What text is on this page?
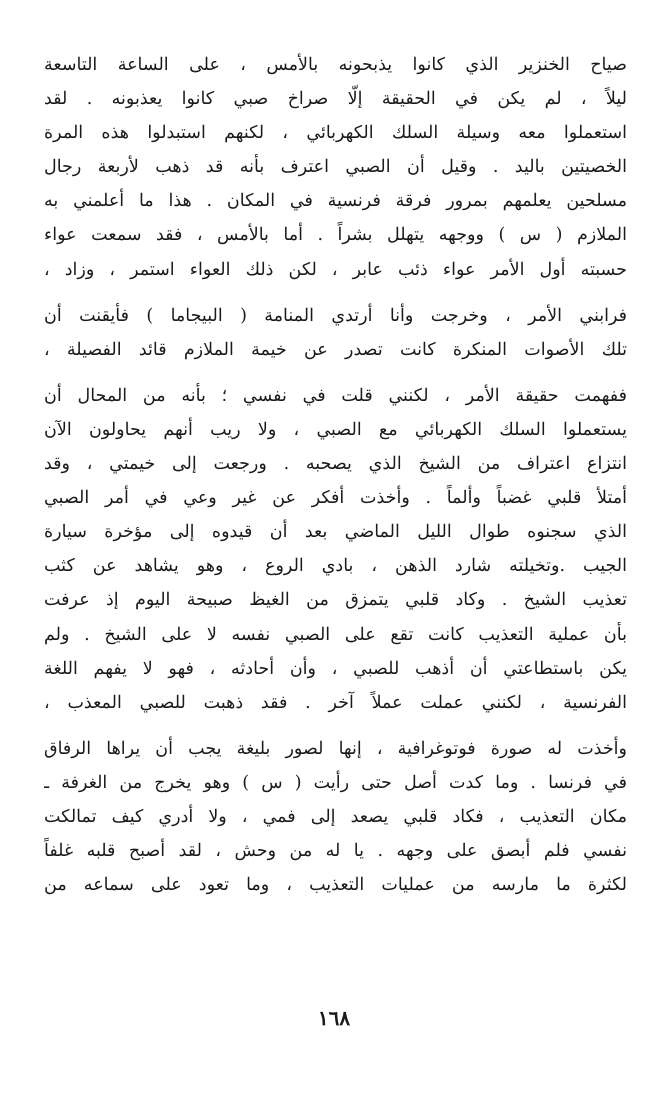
صياح الخنزير الذي كانوا يذبحونه بالأمس ، على الساعة التاسعة
ليلاً ، لم يكن في الحقيقة إلّا صراخ صبي كانوا يعذبونه . لقد
استعملوا معه وسيلة السلك الكهربائي ، لكنهم استبدلوا هذه المرة
الخصيتين باليد . وقيل أن الصبي اعترف بأنه قد ذهب لأربعة رجال
مسلحين يعلمهم بمرور فرقة فرنسية في المكان . هذا ما أعلمني به
الملازم ( س ) ووجهه يتهلل بشراً . أما بالأمس ، فقد سمعت عواء
حسبته أول الأمر عواء ذئب عابر ، لكن ذلك العواء استمر ، وزاد ،
فرابني الأمر ، وخرجت وأنا أرتدي المنامة ( البيجاما ) فأيقنت أن
تلك الأصوات المنكرة كانت تصدر عن خيمة الملازم قائد الفصيلة ،
ففهمت حقيقة الأمر ، لكنني قلت في نفسي ؛ بأنه من المحال أن
يستعملوا السلك الكهربائي مع الصبي ، ولا ريب أنهم يحاولون الآن
انتزاع اعتراف من الشيخ الذي يصحبه . ورجعت إلى خيمتي ، وقد
أمتلأ قلبي غضباً وألماً . وأخذت أفكر عن غير وعي في أمر الصبي
الذي سجنوه طوال الليل الماضي بعد أن قيدوه إلى مؤخرة سيارة
الجيب .وتخيلته شارد الذهن ، بادي الروع ، وهو يشاهد عن كثب
تعذيب الشيخ . وكاد قلبي يتمزق من الغيظ صبيحة اليوم إذ عرفت
بأن عملية التعذيب كانت تقع على الصبي نفسه لا على الشيخ . ولم
يكن باستطاعتي أن أذهب للصبي ، وأن أحادثه ، فهو لا يفهم اللغة
الفرنسية ، لكنني عملت عملاً آخر . فقد ذهبت للصبي المعذب ،
وأخذت له صورة فوتوغرافية ، إنها لصور بليغة يجب أن يراها الرفاق
في فرنسا . وما كدت أصل حتى رأيت ( س ) وهو يخرج من الغرفة ـ
مكان التعذيب ، فكاد قلبي يصعد إلى فمي ، ولا أدري كيف تمالكت
نفسي فلم أبصق على وجهه . يا له من وحش ، لقد أصبح قلبه غلفاً
لكثرة ما مارسه من عمليات التعذيب ، وما تعود على سماعه من
١٦٨
